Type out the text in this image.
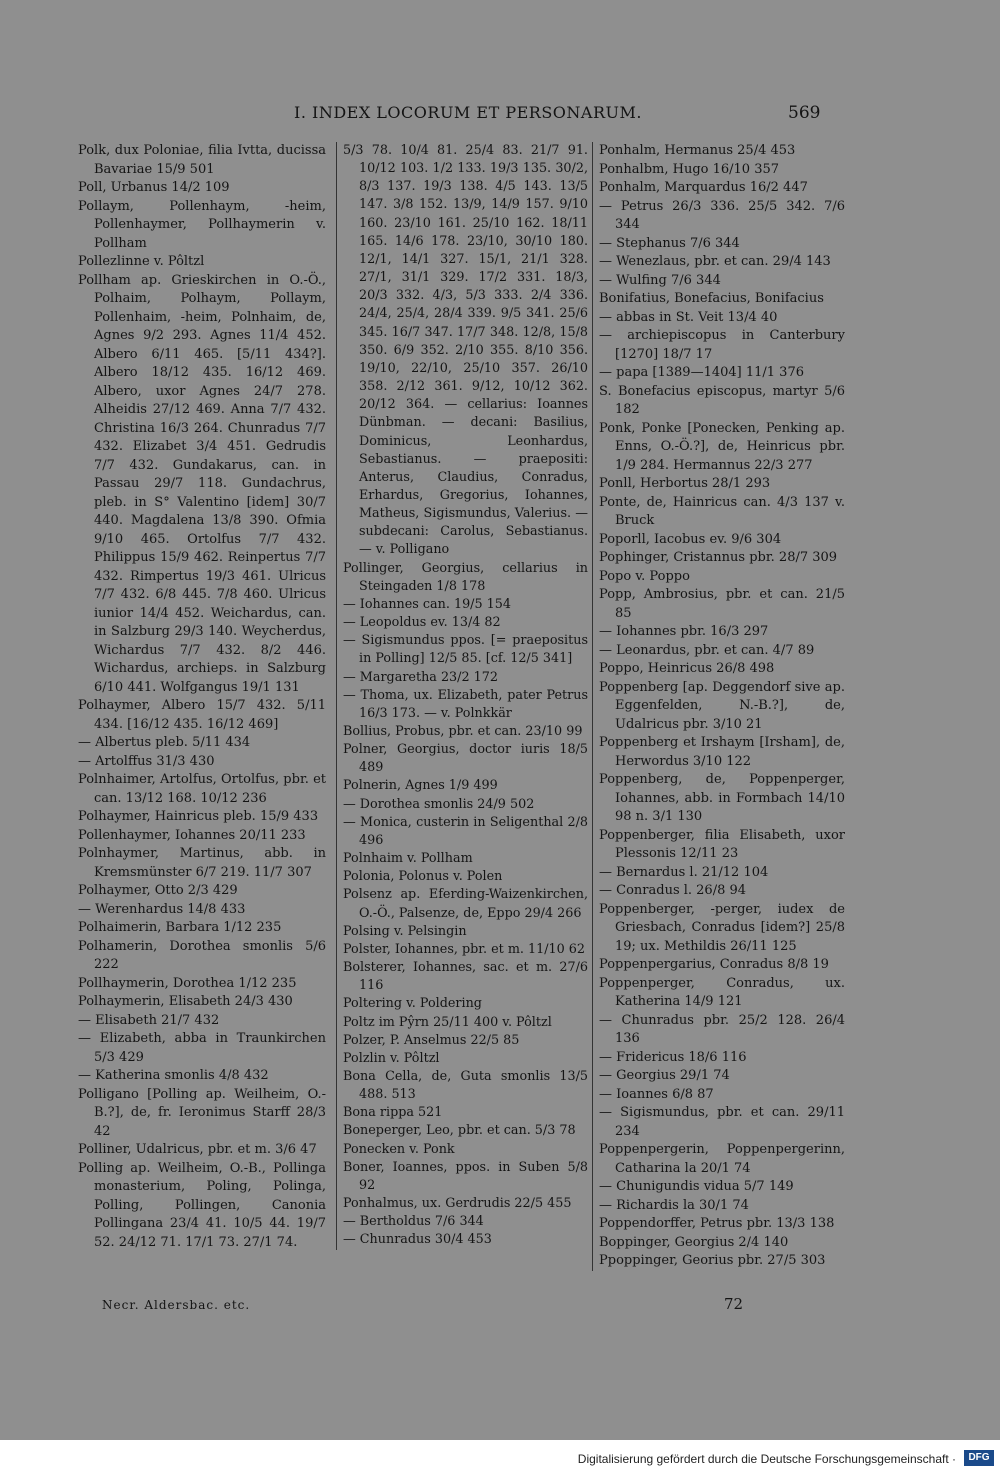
I. INDEX LOCORUM ET PERSONARUM.	569

Polk, dux Poloniae, filia Ivtta, ducissa Bavariae 15/9 501

Poll, Urbanus 14/2 109

Pollaym, Pollenhaym, -heim, Pollenhaymer, Pollhaymerin v. Pollham

Pollezlinne v. Pôltzl

Pollham ap. Grieskirchen in O.-Ö., Polhaim, Polhaym, Pollaym, Pollenhaim, -heim, Polnhaim, de, Agnes 9/2 293. Agnes 11/4 452. Albero 6/11 465. [5/11 434?]. Albero 18/12 435. 16/12 469. Albero, uxor Agnes 24/7 278. Alheidis 27/12 469. Anna 7/7 432. Christina 16/3 264. Chunradus 7/7 432. Elizabet 3/4 451. Gedrudis 7/7 432. Gundakarus, can. in Passau 29/7 118. Gundachrus, pleb. in S° Valentino [idem] 30/7 440. Magdalena 13/8 390. Ofmia 9/10 465. Ortolfus 7/7 432. Philippus 15/9 462. Reinpertus 7/7 432. Rimpertus 19/3 461. Ulricus 7/7 432. 6/8 445. 7/8 460. Ulricus iunior 14/4 452. Weichardus, can. in Salzburg 29/3 140. Weycherdus, Wichardus 7/7 432. 8/2 446. Wichardus, archieps. in Salzburg 6/10 441. Wolfgangus 19/1 131

Polhaymer, Albero 15/7 432. 5/11 434. [16/12 435. 16/12 469]

— Albertus pleb. 5/11 434

— Artolffus 31/3 430

Polnhaimer, Artolfus, Ortolfus, pbr. et can. 13/12 168. 10/12 236

Polhaymer, Hainricus pleb. 15/9 433

Pollenhaymer, Iohannes 20/11 233

Polnhaymer, Martinus, abb. in Kremsmünster 6/7 219. 11/7 307

Polhaymer, Otto 2/3 429

— Werenhardus 14/8 433

Polhaimerin, Barbara 1/12 235

Polhamerin, Dorothea smonlis 5/6 222

Pollhaymerin, Dorothea 1/12 235

Polhaymerin, Elisabeth 24/3 430

— Elisabeth 21/7 432

— Elizabeth, abba in Traunkirchen 5/3 429

— Katherina smonlis 4/8 432

Polligano [Polling ap. Weilheim, O.-B.?], de, fr. Ieronimus Starff 28/3 42

Polliner, Udalricus, pbr. et m. 3/6 47

Polling ap. Weilheim, O.-B., Pollinga monasterium, Poling, Polinga, Polling, Pollingen, Canonia Pollingana 23/4 41. 10/5 44. 19/7 52. 24/12 71. 17/1 73. 27/1 74.

5/3 78. 10/4 81. 25/4 83. 21/7 91. 10/12 103. 1/2 133. 19/3 135. 30/2, 8/3 137. 19/3 138. 4/5 143. 13/5 147. 3/8 152. 13/9, 14/9 157. 9/10 160. 23/10 161. 25/10 162. 18/11 165. 14/6 178. 23/10, 30/10 180. 12/1, 14/1 327. 15/1, 21/1 328. 27/1, 31/1 329. 17/2 331. 18/3, 20/3 332. 4/3, 5/3 333. 2/4 336. 24/4, 25/4, 28/4 339. 9/5 341. 25/6 345. 16/7 347. 17/7 348. 12/8, 15/8 350. 6/9 352. 2/10 355. 8/10 356. 19/10, 22/10, 25/10 357. 26/10 358. 2/12 361. 9/12, 10/12 362. 20/12 364. — cellarius: Ioannes Dünbman. — decani: Basilius, Dominicus, Leonhardus, Sebastianus. — praepositi: Anterus, Claudius, Conradus, Erhardus, Gregorius, Iohannes, Matheus, Sigismundus, Valerius. — subdecani: Carolus, Sebastianus. — v. Polligano

Pollinger, Georgius, cellarius in Steingaden 1/8 178

— Iohannes can. 19/5 154

— Leopoldus ev. 13/4 82

— Sigismundus ppos. [= praepositus in Polling] 12/5 85. [cf. 12/5 341]

— Margaretha 23/2 172

— Thoma, ux. Elizabeth, pater Petrus 16/3 173. — v. Polnkkär

Bollius, Probus, pbr. et can. 23/10 99

Polner, Georgius, doctor iuris 18/5 489

Polnerin, Agnes 1/9 499

— Dorothea smonlis 24/9 502

— Monica, custerin in Seligenthal 2/8 496

Polnhaim v. Pollham

Polonia, Polonus v. Polen

Polsenz ap. Eferding-Waizenkirchen, O.-Ö., Palsenze, de, Eppo 29/4 266

Polsing v. Pelsingin

Polster, Iohannes, pbr. et m. 11/10 62

Bolsterer, Iohannes, sac. et m. 27/6 116

Poltering v. Poldering

Poltz im Pŷrn 25/11 400 v. Pôltzl

Polzer, P. Anselmus 22/5 85

Polzlin v. Pôltzl

Bona Cella, de, Guta smonlis 13/5 488. 513

Bona rippa 521

Boneperger, Leo, pbr. et can. 5/3 78

Ponecken v. Ponk

Boner, Ioannes, ppos. in Suben 5/8 92

Ponhalmus, ux. Gerdrudis 22/5 455

— Bertholdus 7/6 344

— Chunradus 30/4 453

Ponhalm, Hermanus 25/4 453

Ponhalbm, Hugo 16/10 357

Ponhalm, Marquardus 16/2 447

— Petrus 26/3 336. 25/5 342. 7/6 344

— Stephanus 7/6 344

— Wenezlaus, pbr. et can. 29/4 143

— Wulfing 7/6 344

Bonifatius, Bonefacius, Bonifacius

— abbas in St. Veit 13/4 40

— archiepiscopus in Canterbury [1270] 18/7 17

— papa [1389—1404] 11/1 376

S. Bonefacius episcopus, martyr 5/6 182

Ponk, Ponke [Ponecken, Penking ap. Enns, O.-Ö.?], de, Heinricus pbr. 1/9 284. Hermannus 22/3 277

Ponll, Herbortus 28/1 293

Ponte, de, Hainricus can. 4/3 137 v. Bruck

Poporll, Iacobus ev. 9/6 304

Pophinger, Cristannus pbr. 28/7 309

Popo v. Poppo

Popp, Ambrosius, pbr. et can. 21/5 85

— Iohannes pbr. 16/3 297

— Leonardus, pbr. et can. 4/7 89

Poppo, Heinricus 26/8 498

Poppenberg [ap. Deggendorf sive ap. Eggenfelden, N.-B.?], de, Udalricus pbr. 3/10 21

Poppenberg et Irshaym [Irsham], de, Herwordus 3/10 122

Poppenberg, de, Poppenperger, Iohannes, abb. in Formbach 14/10 98 n. 3/1 130

Poppenberger, filia Elisabeth, uxor Plessonis 12/11 23

— Bernardus l. 21/12 104

— Conradus l. 26/8 94

Poppenberger, -perger, iudex de Griesbach, Conradus [idem?] 25/8 19; ux. Methildis 26/11 125

Poppenpergarius, Conradus 8/8 19

Poppenperger, Conradus, ux. Katherina 14/9 121

— Chunradus pbr. 25/2 128. 26/4 136

— Fridericus 18/6 116

— Georgius 29/1 74

— Ioannes 6/8 87

— Sigismundus, pbr. et can. 29/11 234

Poppenpergerin, Poppenpergerinn, Catharina la 20/1 74

— Chunigundis vidua 5/7 149

— Richardis la 30/1 74

Poppendorffer, Petrus pbr. 13/3 138

Boppinger, Georgius 2/4 140

Ppoppinger, Georius pbr. 27/5 303

Necr. Aldersbac. etc.	72
Digitalisierung gefördert durch die Deutsche Forschungsgemeinschaft ·	DFG
